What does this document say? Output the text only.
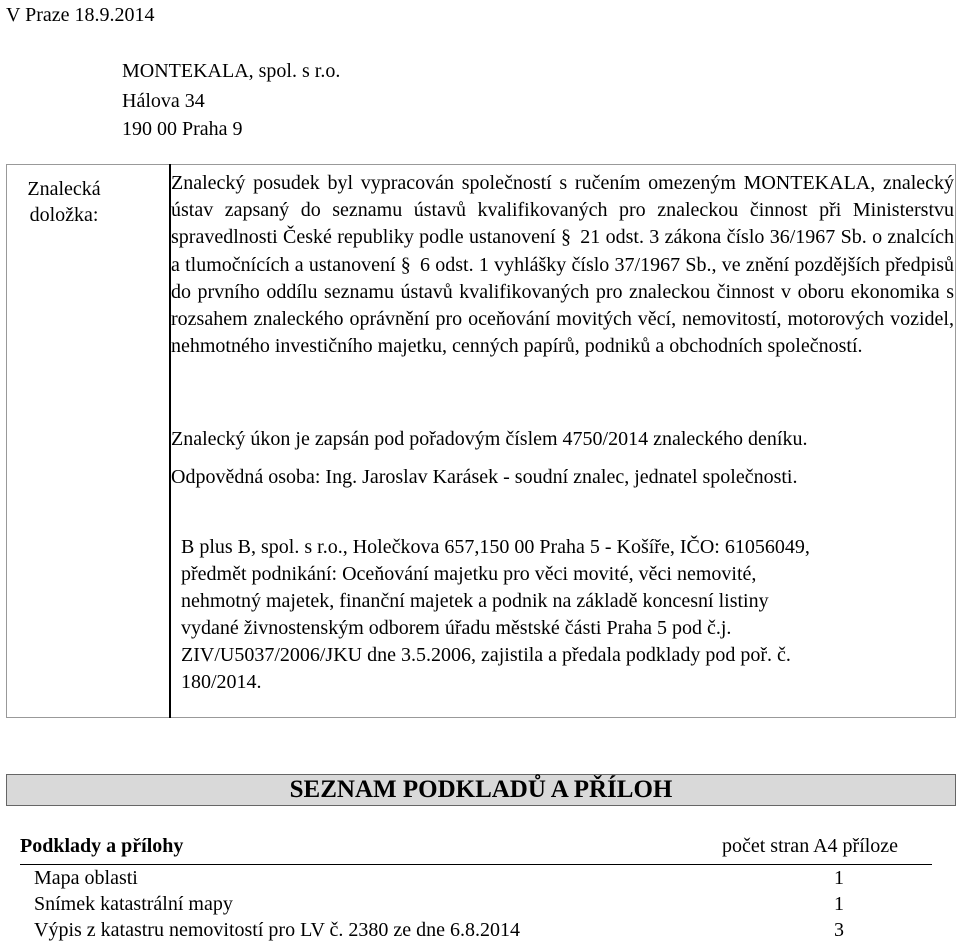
V Praze 18.9.2014
MONTEKALA, spol. s r.o.
Hálova 34
190 00 Praha 9
Znalecká
doložka:

Znalecký posudek byl vypracován společností s ručením omezeným MONTEKALA, znalecký ústav zapsaný do seznamu ústavů kvalifikovaných pro znaleckou činnost při Ministerstvu spravedlnosti České republiky podle ustanovení § 21 odst. 3 zákona číslo 36/1967 Sb. o znalcích a tlumočnících a ustanovení § 6 odst. 1 vyhlášky číslo 37/1967 Sb., ve znění pozdějších předpisů do prvního oddílu seznamu ústavů kvalifikovaných pro znaleckou činnost v oboru ekonomika s rozsahem znaleckého oprávnění pro oceňování movitých věcí, nemovitostí, motorových vozidel, nehmotného investičního majetku, cenných papírů, podniků a obchodních společností.

Znalecký úkon je zapsán pod pořadovým číslem 4750/2014 znaleckého deníku.
Odpovědná osoba: Ing. Jaroslav Karásek - soudní znalec, jednatel společnosti.
B plus B, spol. s r.o., Holečkova 657,150 00 Praha 5 - Košíře, IČO: 61056049,
předmět podnikání: Oceňování majetku pro věci movité, věci nemovité,
nehmotný majetek, finanční majetek a podnik na základě koncesní listiny
vydané živnostenským odborem úřadu městské části Praha 5 pod č.j.
ZIV/U5037/2006/JKU dne 3.5.2006, zajistila a předala podklady pod poř. č.
180/2014.
SEZNAM PODKLADŮ A PŘÍLOH
Podklady a přílohy	počet stran A4 příloze
Mapa oblasti	1
Snímek katastrální mapy	1
Výpis z katastru nemovitostí pro LV č. 2380 ze dne 6.8.2014	3
